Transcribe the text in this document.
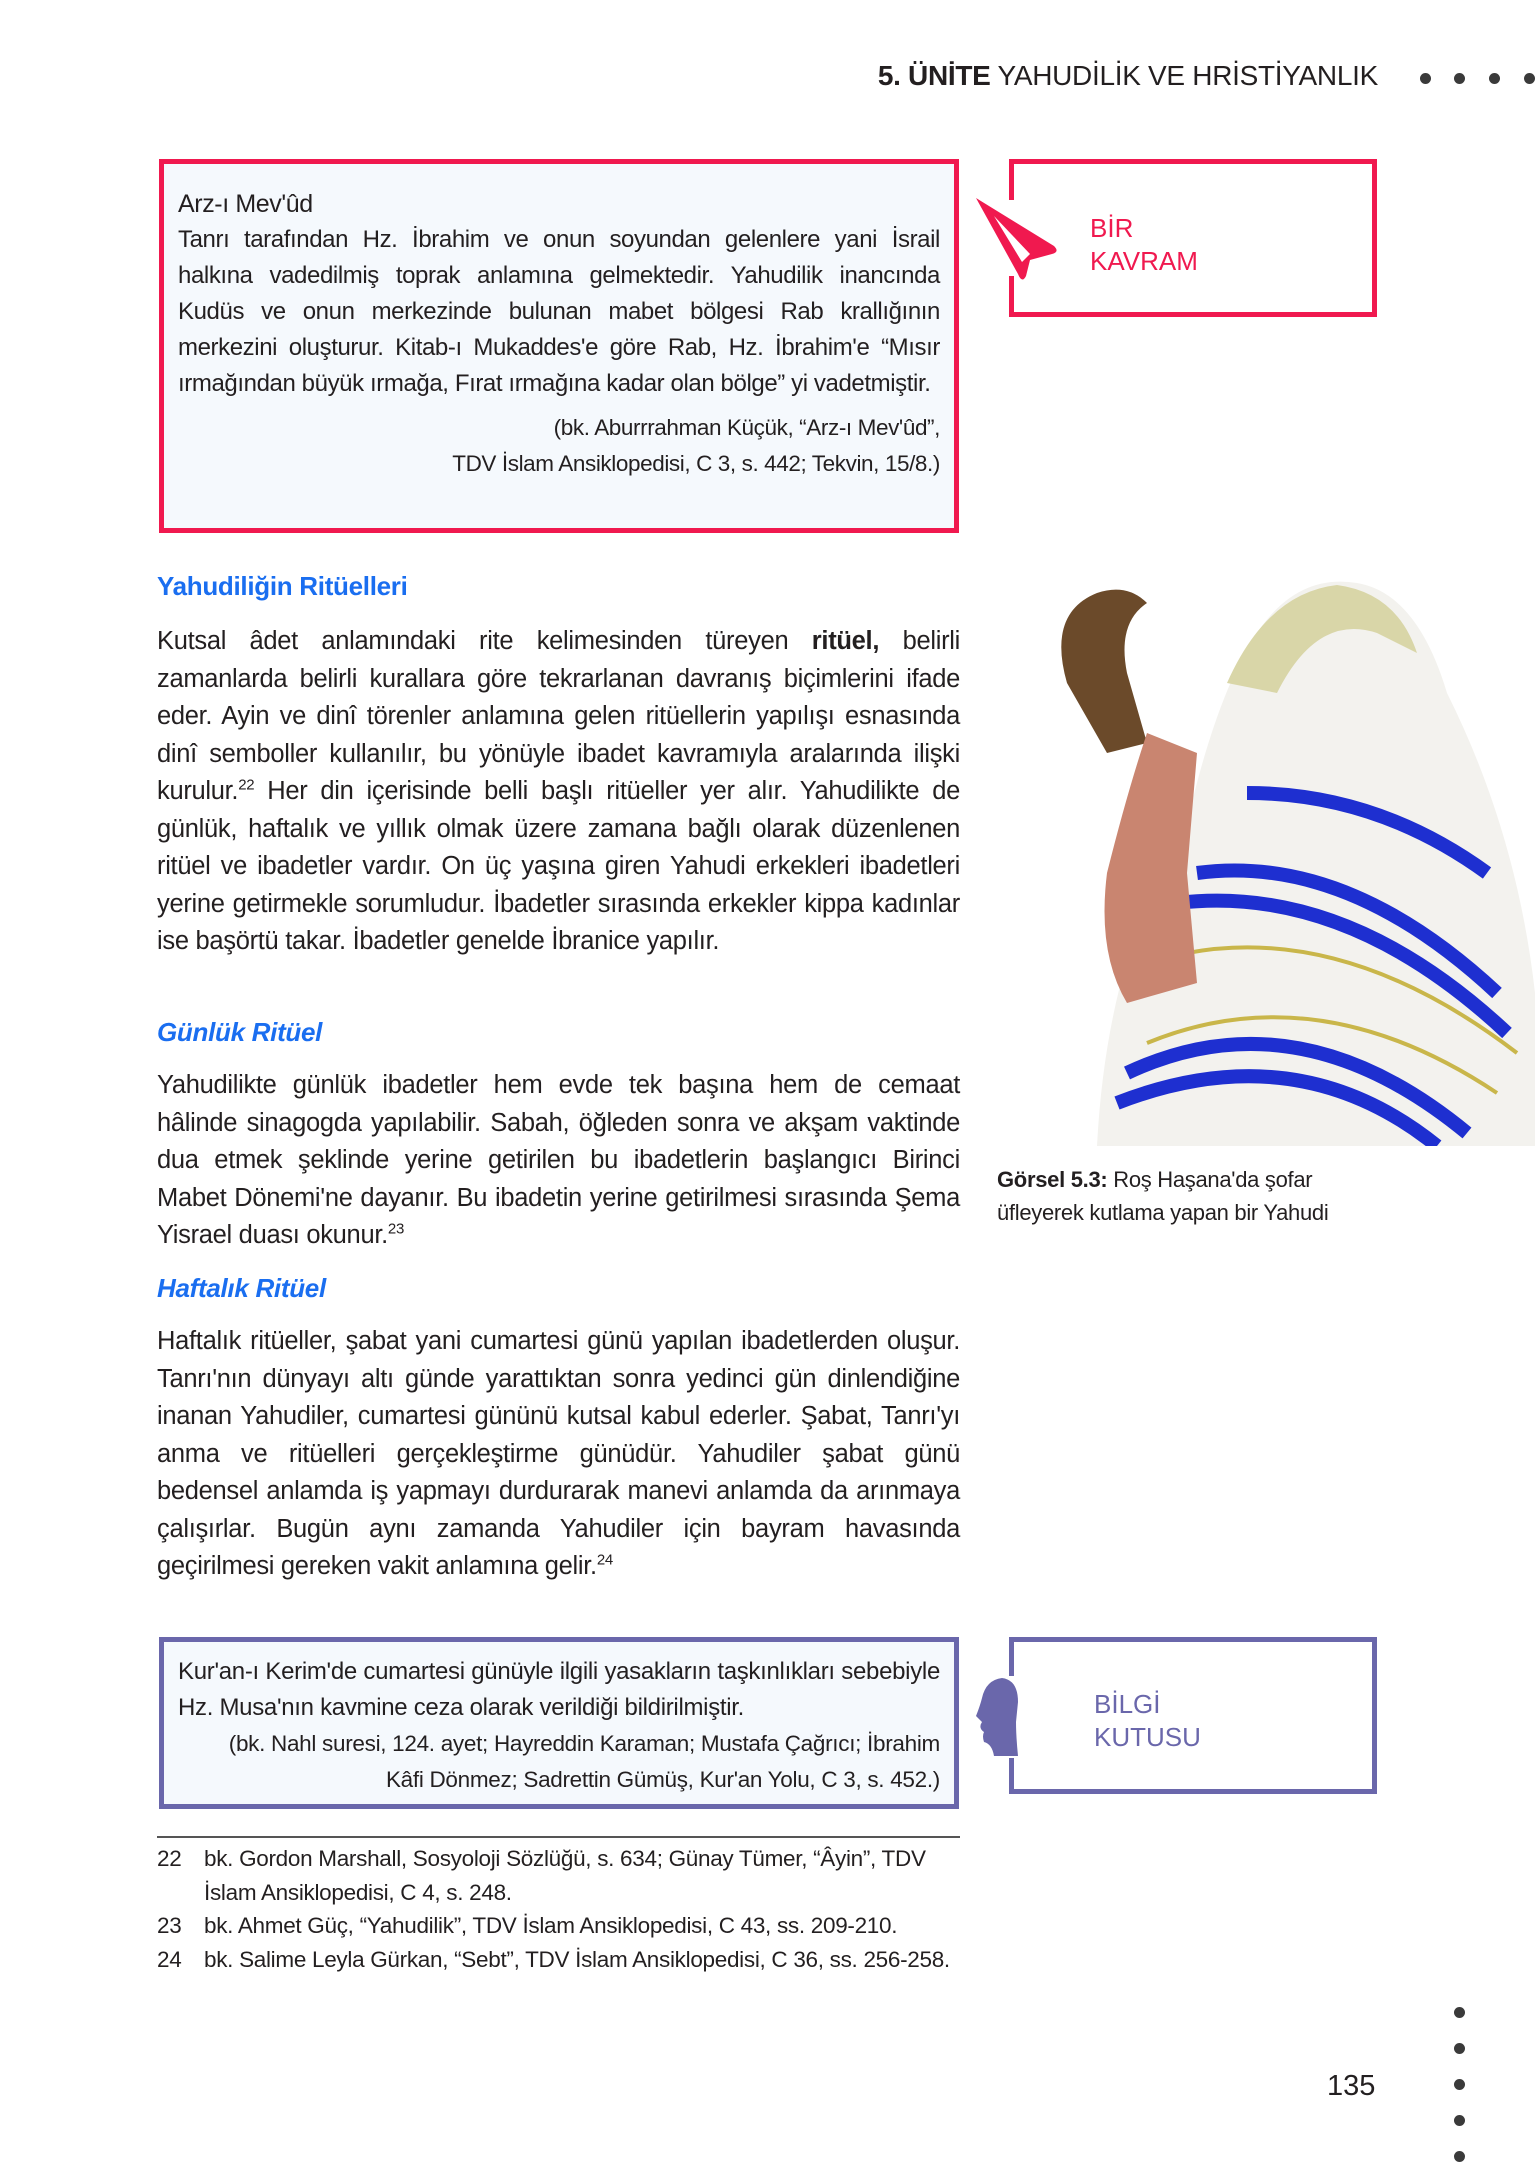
5. ÜNİTE YAHUDİLİK VE HRİSTİYANLIK
Arz-ı Mev'ûd
Tanrı tarafından Hz. İbrahim ve onun soyundan gelenlere yani İsrail halkına vadedilmiş toprak anlamına gelmektedir. Yahudilik inancında Kudüs ve onun merkezinde bulunan mabet bölgesi Rab krallığının merkezini oluşturur. Kitab-ı Mukaddes'e göre Rab, Hz. İbrahim'e “Mısır ırmağından büyük ırmağa, Fırat ırmağına kadar olan bölge” yi vadetmiştir.
(bk. Aburrrahman Küçük, “Arz-ı Mev'ûd”,
TDV İslam Ansiklopedisi, C 3, s. 442; Tekvin, 15/8.)
BİR
KAVRAM
Yahudiliğin Ritüelleri
Kutsal âdet anlamındaki rite kelimesinden türeyen ritüel, belirli zamanlarda belirli kurallara göre tekrarlanan davranış biçimlerini ifade eder. Ayin ve dinî törenler anlamına gelen ritüellerin yapılışı esnasında dinî semboller kullanılır, bu yönüyle ibadet kavramıyla aralarında ilişki kurulur.$^{22}$ Her din içerisinde belli başlı ritüeller yer alır. Yahudilikte de günlük, haftalık ve yıllık olmak üzere zamana bağlı olarak düzenlenen ritüel ve ibadetler vardır. On üç yaşına giren Yahudi erkekleri ibadetleri yerine getirmekle sorumludur. İbadetler sırasında erkekler kippa kadınlar ise başörtü takar. İbadetler genelde İbranice yapılır.
Günlük Ritüel
Yahudilikte günlük ibadetler hem evde tek başına hem de cemaat hâlinde sinagogda yapılabilir. Sabah, öğleden sonra ve akşam vaktinde dua etmek şeklinde yerine getirilen bu ibadetlerin başlangıcı Birinci Mabet Dönemi'ne dayanır. Bu ibadetin yerine getirilmesi sırasında Şema Yisrael duası okunur.$^{23}$
Haftalık Ritüel
Haftalık ritüeller, şabat yani cumartesi günü yapılan ibadetlerden oluşur. Tanrı'nın dünyayı altı günde yarattıktan sonra yedinci gün dinlendiğine inanan Yahudiler, cumartesi gününü kutsal kabul ederler. Şabat, Tanrı'yı anma ve ritüelleri gerçekleştirme günüdür. Yahudiler şabat günü bedensel anlamda iş yapmayı durdurarak manevi anlamda da arınmaya çalışırlar. Bugün aynı zamanda Yahudiler için bayram havasında geçirilmesi gereken vakit anlamına gelir.$^{24}$
Görsel 5.3: Roş Haşana'da şofar
üfleyerek kutlama yapan bir Yahudi
Kur'an-ı Kerim'de cumartesi günüyle ilgili yasakların taşkınlıkları sebebiyle Hz. Musa'nın kavmine ceza olarak verildiği bildirilmiştir.
(bk. Nahl suresi, 124. ayet; Hayreddin Karaman; Mustafa Çağrıcı; İbrahim
Kâfi Dönmez; Sadrettin Gümüş, Kur'an Yolu, C 3, s. 452.)
BİLGİ
KUTUSU
22	bk. Gordon Marshall, Sosyoloji Sözlüğü, s. 634; Günay Tümer, “Âyin”, TDV İslam Ansiklopedisi, C 4, s. 248.
23	bk. Ahmet Güç, “Yahudilik”, TDV İslam Ansiklopedisi, C 43, ss. 209-210.
24	bk. Salime Leyla Gürkan, “Sebt”, TDV İslam Ansiklopedisi, C 36, ss. 256-258.
135
